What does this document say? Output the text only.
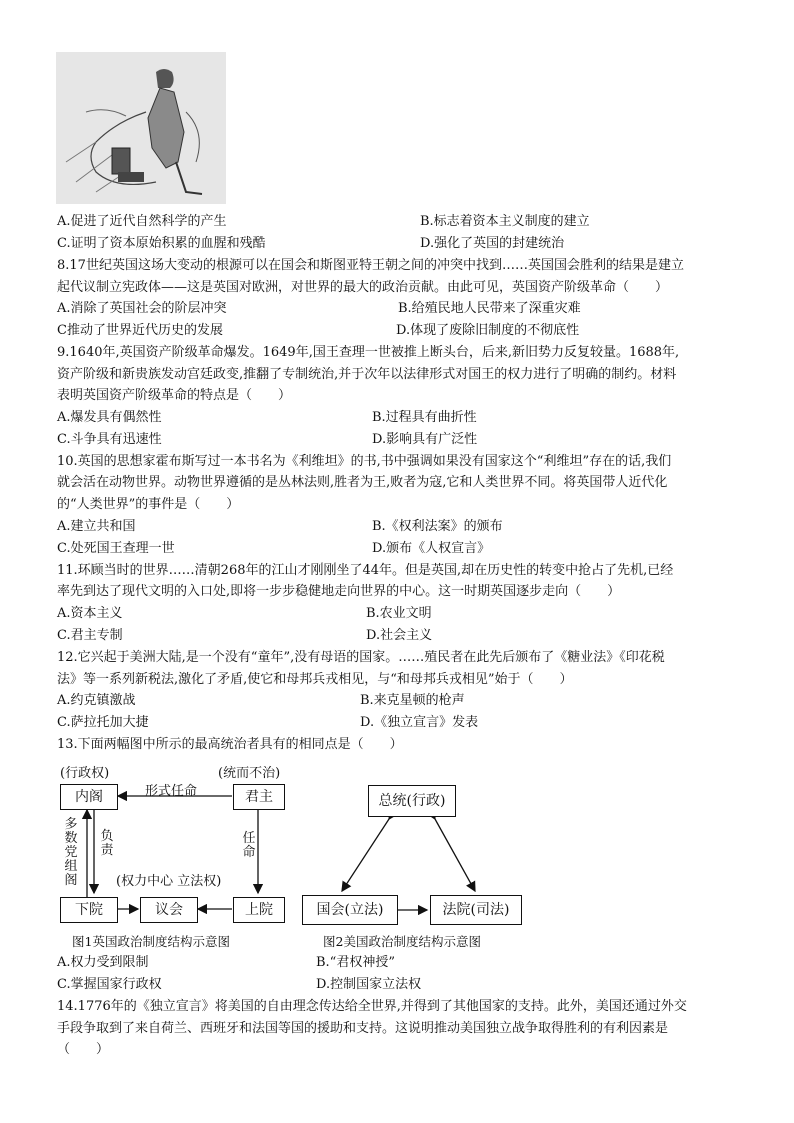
A.促进了近代自然科学的产生	B.标志着资本主义制度的建立
C.证明了资本原始积累的血腥和残酷	D.强化了英国的封建统治
8.17世纪英国这场大变动的根源可以在国会和斯图亚特王朝之间的冲突中找到……英国国会胜利的结果是建立
起代议制立宪政体——这是英国对欧洲，对世界的最大的政治贡献。由此可见，英国资产阶级革命（　　）
A.消除了英国社会的阶层冲突	B.给殖民地人民带来了深重灾难
C推动了世界近代历史的发展	D.体现了废除旧制度的不彻底性
9.1640年,英国资产阶级革命爆发。1649年,国王查理一世被推上断头台，后来,新旧势力反复较量。1688年,
资产阶级和新贵族发动宫廷政变,推翻了专制统治,并于次年以法律形式对国王的权力进行了明确的制约。材料
表明英国资产阶级革命的特点是（　　）
A.爆发具有偶然性	B.过程具有曲折性
C.斗争具有迅速性	D.影响具有广泛性
10.英国的思想家霍布斯写过一本书名为《利维坦》的书,书中强调如果没有国家这个“利维坦”存在的话,我们
就会活在动物世界。动物世界遵循的是丛林法则,胜者为王,败者为寇,它和人类世界不同。将英国带人近代化
的“人类世界”的事件是（　　）
A.建立共和国	B.《权利法案》的颁布
C.处死国王查理一世	D.颁布《人权宣言》
11.环顾当时的世界……清朝268年的江山才刚刚坐了44年。但是英国,却在历史性的转变中抢占了先机,已经
率先到达了现代文明的入口处,即将一步步稳健地走向世界的中心。这一时期英国逐步走向（　　）
A.资本主义	B.农业文明
C.君主专制	D.社会主义
12.它兴起于美洲大陆,是一个没有“童年”,没有母语的国家。……殖民者在此先后颁布了《糖业法》《印花税
法》等一系列新税法,激化了矛盾,使它和母邦兵戎相见，与“和母邦兵戎相见”始于（　　）
A.约克镇激战	B.来克星顿的枪声
C.萨拉托加大捷	D.《独立宣言》发表
13.下面两幅图中所示的最高统治者具有的相同点是（　　）
(行政权)	(统而不治)
内阁	君主
形式任命
多数党组阁
负责
任命
(权力中心 立法权)
下院	议会	上院
图1英国政治制度结构示意图
总统(行政)
国会(立法)	法院(司法)
图2美国政治制度结构示意图
A.权力受到限制	B.“君权神授”
C.掌握国家行政权	D.控制国家立法权
14.1776年的《独立宣言》将美国的自由理念传达给全世界,并得到了其他国家的支持。此外，美国还通过外交
手段争取到了来自荷兰、西班牙和法国等国的援助和支持。这说明推动美国独立战争取得胜利的有利因素是
（　　）
